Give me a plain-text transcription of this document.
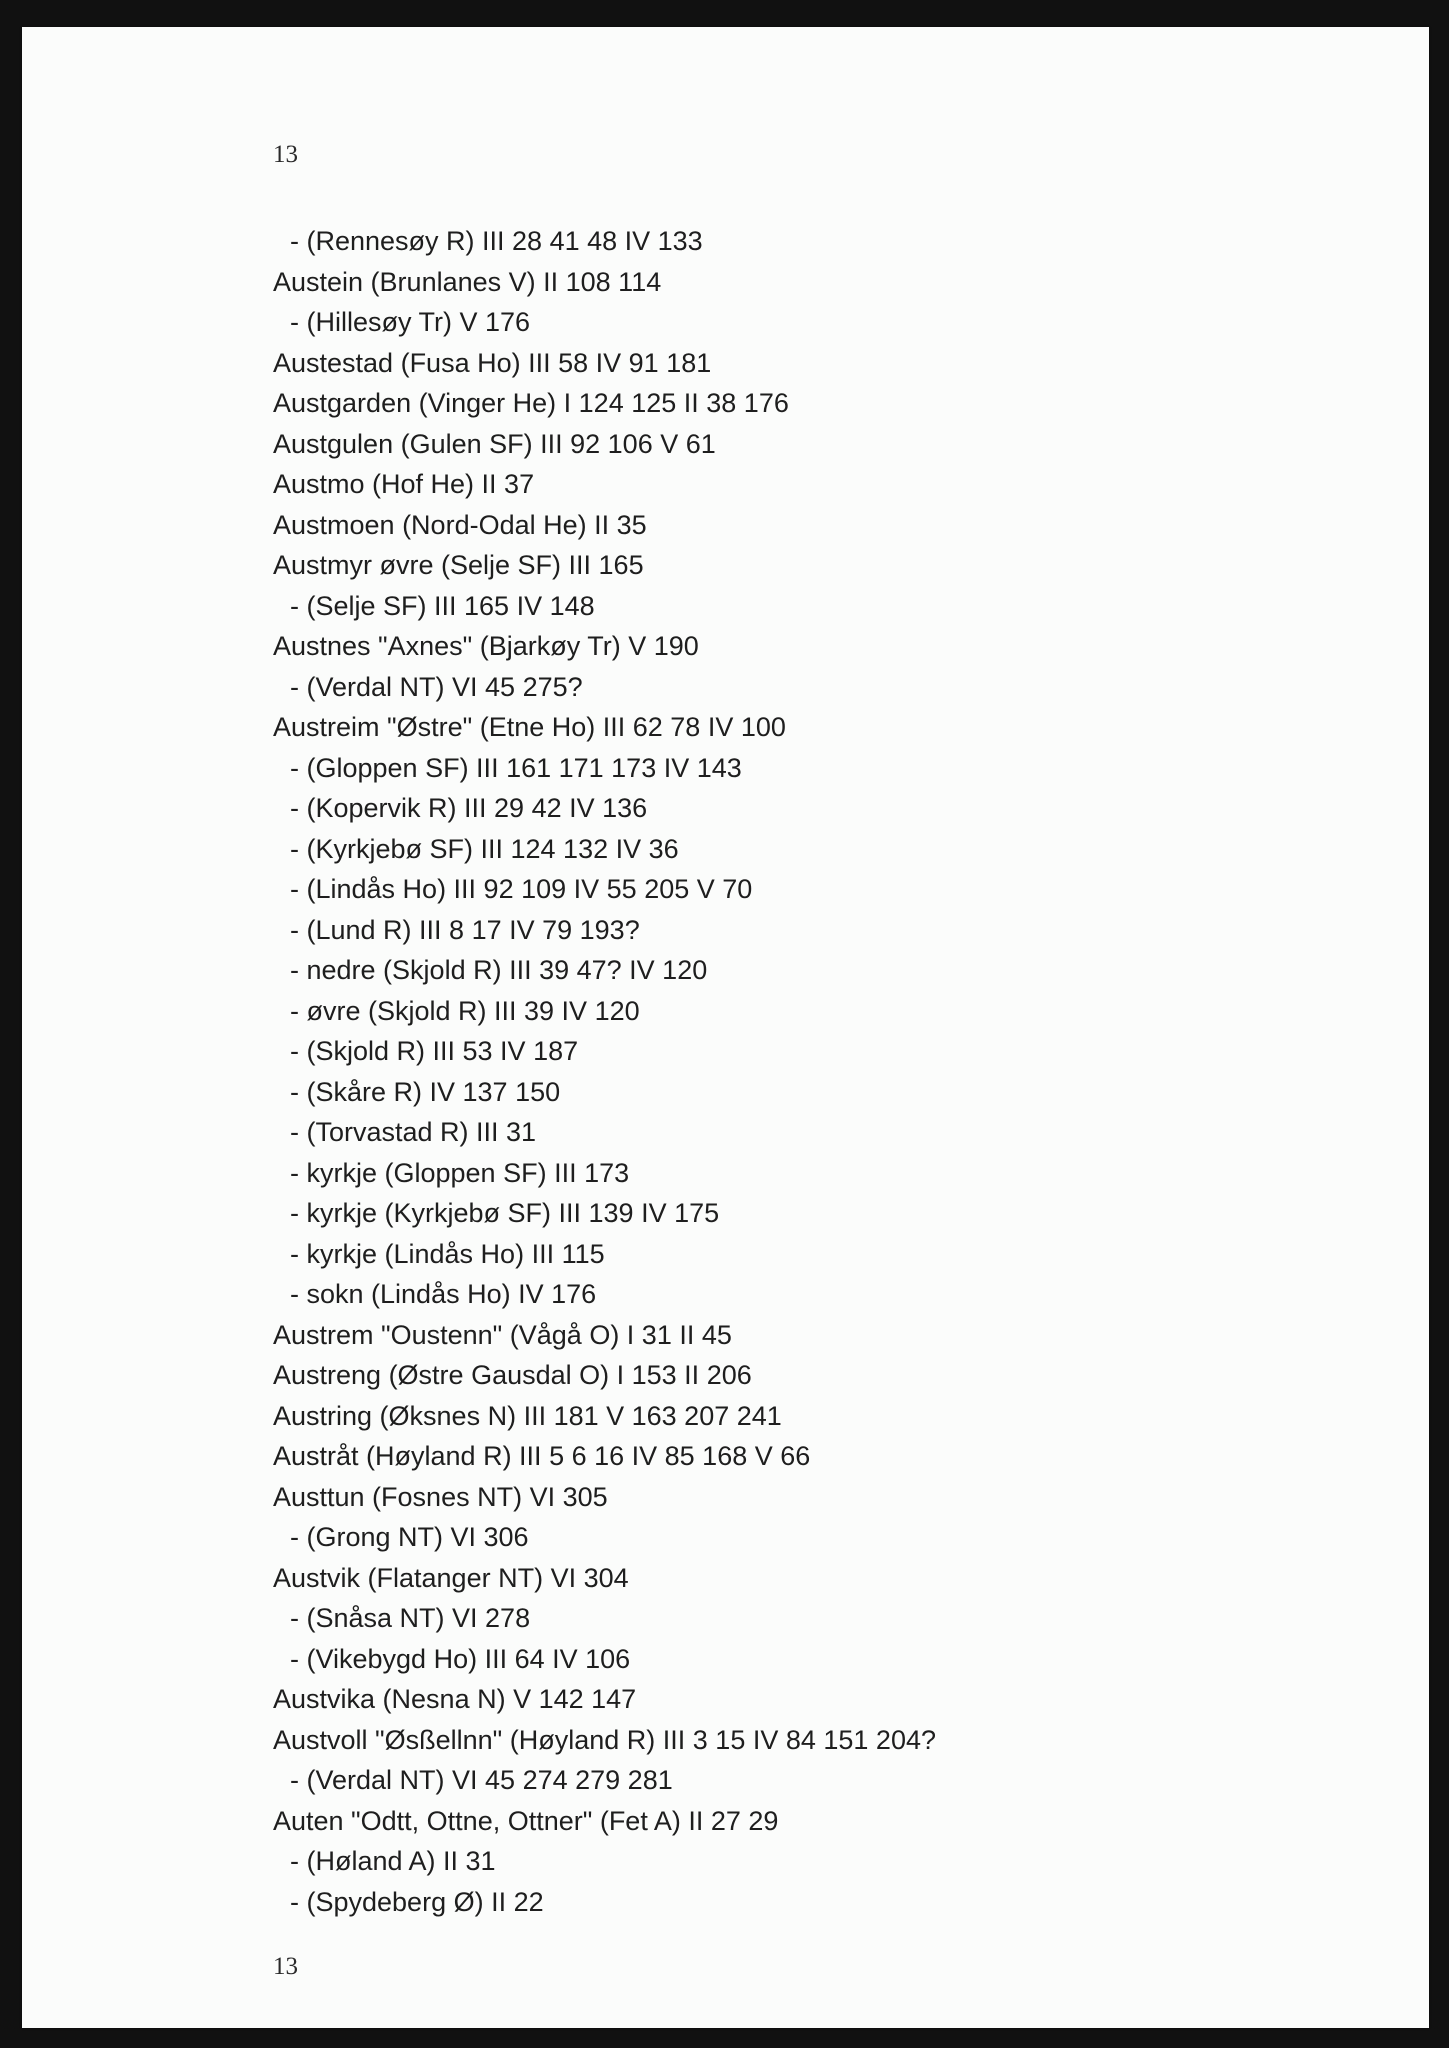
13
- (Rennesøy R) III 28 41 48 IV 133
Austein (Brunlanes V) II 108 114
- (Hillesøy Tr) V 176
Austestad (Fusa Ho) III 58 IV 91 181
Austgarden (Vinger He) I 124 125 II 38 176
Austgulen (Gulen SF) III 92 106 V 61
Austmo (Hof He) II 37
Austmoen (Nord-Odal He) II 35
Austmyr øvre (Selje SF) III 165
- (Selje SF) III 165 IV 148
Austnes "Axnes" (Bjarkøy Tr) V 190
- (Verdal NT) VI 45 275?
Austreim "Østre" (Etne Ho) III 62 78 IV 100
- (Gloppen SF) III 161 171 173 IV 143
- (Kopervik R) III 29 42 IV 136
- (Kyrkjebø SF) III 124 132 IV 36
- (Lindås Ho) III 92 109 IV 55 205 V 70
- (Lund R) III 8 17 IV 79 193?
- nedre (Skjold R) III 39 47? IV 120
- øvre (Skjold R) III 39 IV 120
- (Skjold R) III 53 IV 187
- (Skåre R) IV 137 150
- (Torvastad R) III 31
- kyrkje (Gloppen SF) III 173
- kyrkje (Kyrkjebø SF) III 139 IV 175
- kyrkje (Lindås Ho) III 115
- sokn (Lindås Ho) IV 176
Austrem "Oustenn" (Vågå O) I 31 II 45
Austreng (Østre Gausdal O) I 153 II 206
Austring (Øksnes N) III 181 V 163 207 241
Austråt (Høyland R) III 5 6 16 IV 85 168 V 66
Austtun (Fosnes NT) VI 305
- (Grong NT) VI 306
Austvik (Flatanger NT) VI 304
- (Snåsa NT) VI 278
- (Vikebygd Ho) III 64 IV 106
Austvika (Nesna N) V 142 147
Austvoll "Øsßellnn" (Høyland R) III 3 15 IV 84 151 204?
- (Verdal NT) VI 45 274 279 281
Auten "Odtt, Ottne, Ottner" (Fet A) II 27 29
- (Høland A) II 31
- (Spydeberg Ø) II 22
13
